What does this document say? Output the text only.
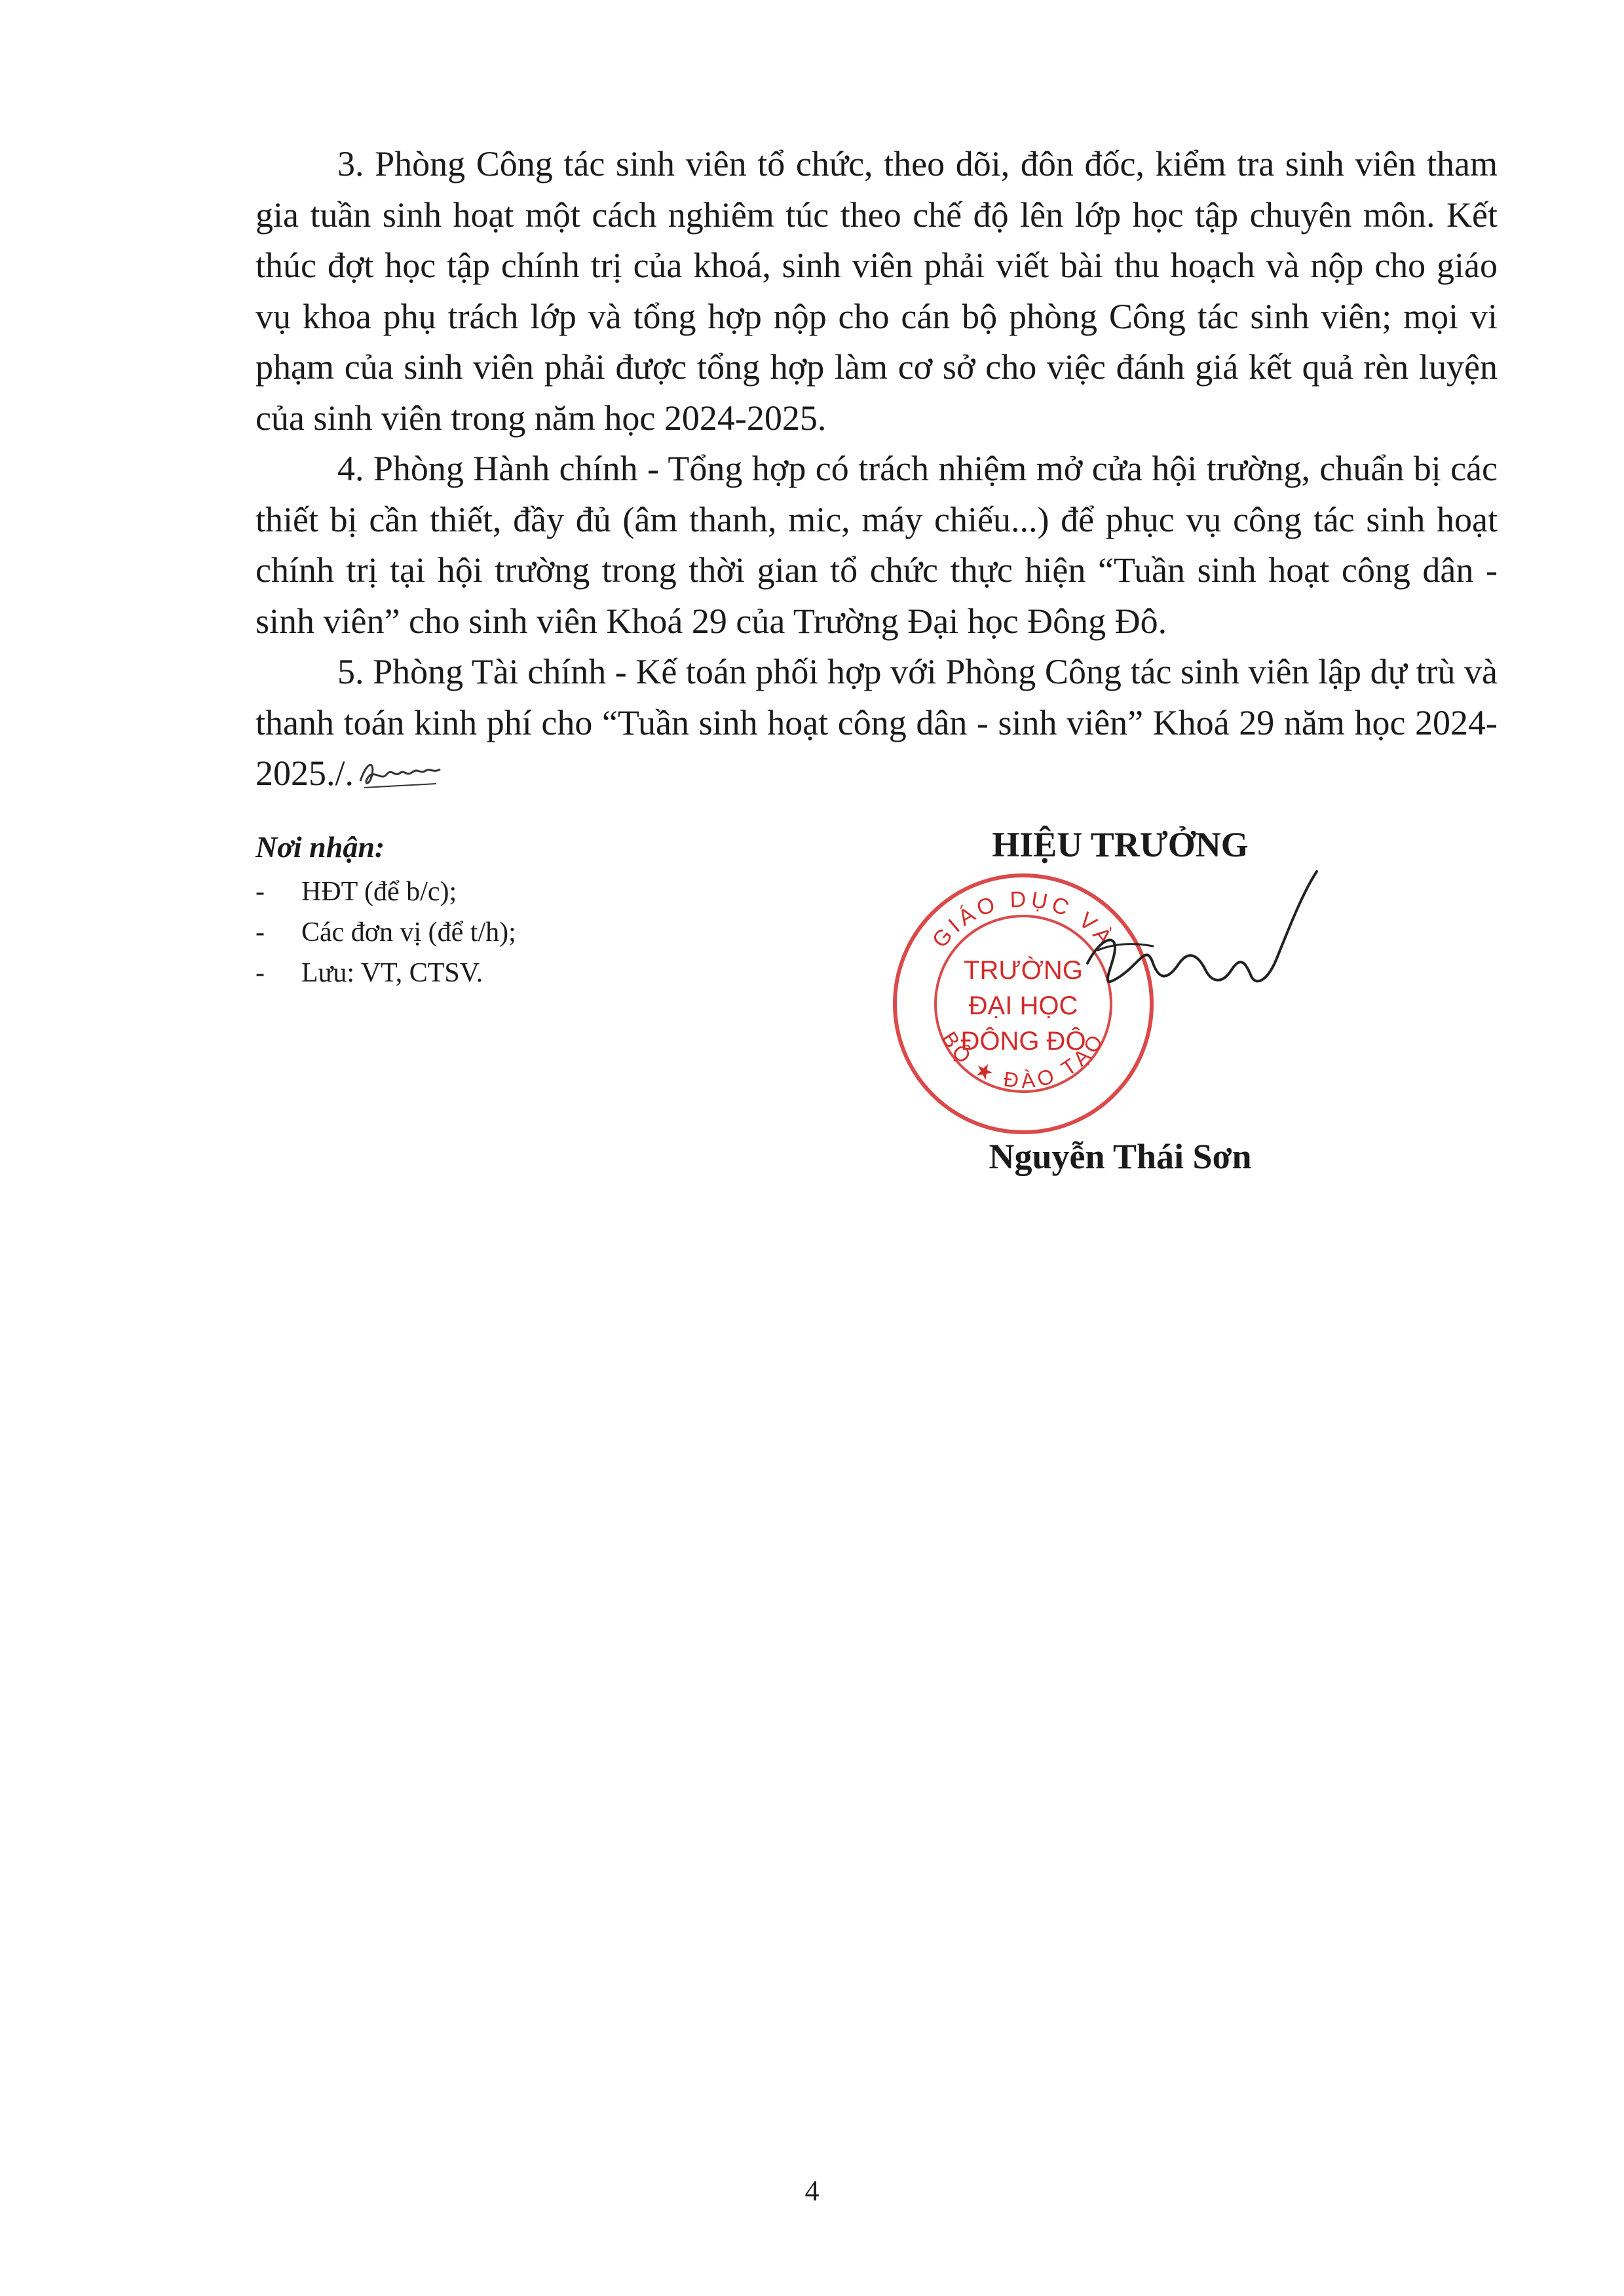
3. Phòng Công tác sinh viên tổ chức, theo dõi, đôn đốc, kiểm tra sinh viên tham gia tuần sinh hoạt một cách nghiêm túc theo chế độ lên lớp học tập chuyên môn. Kết thúc đợt học tập chính trị của khoá, sinh viên phải viết bài thu hoạch và nộp cho giáo vụ khoa phụ trách lớp và tổng hợp nộp cho cán bộ phòng Công tác sinh viên; mọi vi phạm của sinh viên phải được tổng hợp làm cơ sở cho việc đánh giá kết quả rèn luyện của sinh viên trong năm học 2024-2025.

4. Phòng Hành chính - Tổng hợp có trách nhiệm mở cửa hội trường, chuẩn bị các thiết bị cần thiết, đầy đủ (âm thanh, mic, máy chiếu...) để phục vụ công tác sinh hoạt chính trị tại hội trường trong thời gian tổ chức thực hiện “Tuần sinh hoạt công dân - sinh viên” cho sinh viên Khoá 29 của Trường Đại học Đông Đô.

5. Phòng Tài chính - Kế toán phối hợp với Phòng Công tác sinh viên lập dự trù và thanh toán kinh phí cho “Tuần sinh hoạt công dân - sinh viên” Khoá 29 năm học 2024-2025./.

Nơi nhận:
- HĐT (để b/c);
- Các đơn vị (để t/h);
- Lưu: VT, CTSV.
HIỆU TRƯỞNG
GIÁO DỤC VÀ
BỘ ★ ĐÀO TẠO
TRƯỜNG
ĐẠI HỌC
ĐÔNG ĐÔ
Nguyễn Thái Sơn
4
